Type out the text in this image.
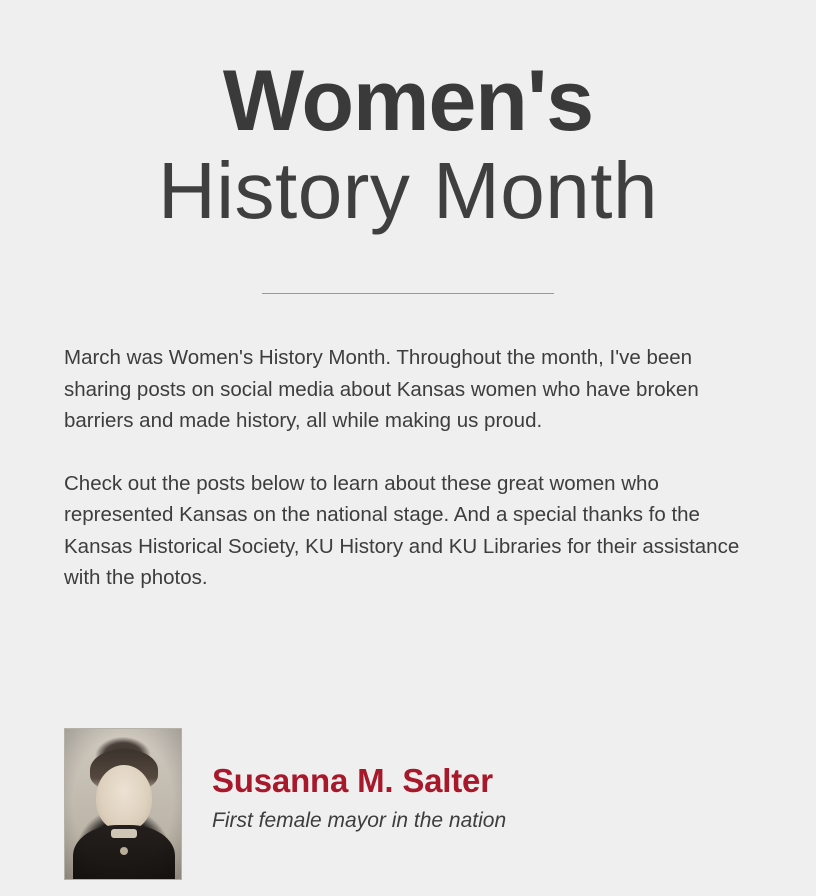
Women's
History Month

March was Women's History Month. Throughout the month, I've been sharing posts on social media about Kansas women who have broken barriers and made history, all while making us proud.

Check out the posts below to learn about these great women who represented Kansas on the national stage. And a special thanks fo the Kansas Historical Society, KU History and KU Libraries for their assistance with the photos.

Susanna M. Salter
First female mayor in the nation
